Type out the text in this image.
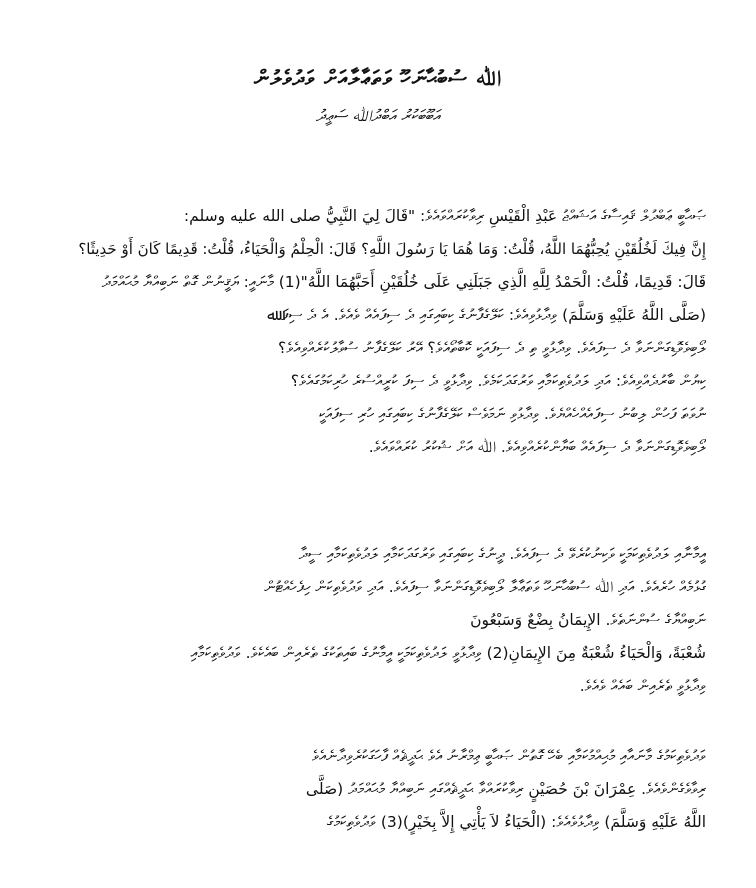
ﷲ ސުބުޙާނަހޫ ވަތަޢާލާއަށް ވަދުވެލުން
އަބޫބަކުރު އަބްދުﷲ ސަޢީދު
ޞަޙާބީ ޢަބްދުލް ޤައިސާގެ އަޝައްޖު عَبْدِ الْقَيْسِ ރިވާކުރައްވައެވެ: "قَالَ لِيَ النَّبِيُّ صلى الله عليه وسلم:
إِنَّ فِيكَ لَخُلُقَيْنِ يُحِبُّهُمَا اللَّهُ، قُلْتُ: وَمَا هُمَا يَا رَسُولَ اللَّهِ؟ قَالَ: الْحِلْمُ وَالْحَيَاءُ، قُلْتُ: قَدِيمًا كَانَ أَوْ حَدِيثًا؟
قَالَ: قَدِيمًا، قُلْتُ: الْحَمْدُ لِلَّهِ الَّذِي جَبَلَنِي عَلَى خُلُقَيْنِ أَحَبَّهُمَا اللَّهُ"(1) މާނައީ: ޔަޤީނުން ގޮތް ނަބިއްޔާ މުޙައްމަދު
(صَلَّى اللَّهُ عَلَيْهِ وَسَلَّمَ) ވިދާޅުވިއެވެ: ކަލޭގެފާނުގެ ކިބައިގައި ދެ ސިފައެއް ވެއެވެ. އެ ދެ ސިފަ ﷲ
ލޯބިވެވޮޑިގަންނަވާ ދެ ސިފައެވެ. ވިދާޅުވީ ތި ދެ ސިފައަކީ ކޮބާތޯއެވެ؟ އޭރު ކަލޭގެފާނު ސުވާލުކުރެއްވިއެވެ؟
ކިޔުން ބާރުދެއްވިއެވެ: އަދި ލަދުވެތިކަމާއި ވަރުގަދަކަމެވެ. ވިދާޅުވީ ދެ ސިފަ ކުރީއްސުރެ ހުރިކަމުގައެވެ؟
ނުވަތަ ފަހުން ލިބުނު ސިފައެއްހެއްޔެވެ. ވިދާޅުވި ނަމަވެސް ކަލޭގެފާނުގެ ކިބައިގައި ހުރި ސިފައަކީ
ލޯބިވެވޮޑިގަންނަވާ ދެ ސިފައެއް ބަޔާންކުރެއްވިއެވެ. ﷲ އަށް ޝުކުރު ކުރައްވައެވެ.
އީމާނާއި ލަދުވެތިކަމަކީ ވަކިނުކުރެވޭ ދެ ސިފައެވެ. ދީނުގެ ކިބައިގައި ވަރުގަދަކަމާއި ލަދުވެތިކަމާއި ސީދާ
ގުޅުމެއް ހުރެއެވެ. އަދި ﷲ ސުބުޙާނަހޫ ވަތަޢާލާ ލޯބިވެވޮޑިގަންނަވާ ސިފައެވެ. އަދި ވަދުވެތިކަން ހިފެހެއްޓުން
ނަބިއްޔާގެ ސުންނަތެވެ. الإِيمَانُ بِضْعٌ وَسَبْعُونَ
شُعْبَةً، وَالْحَيَاءُ شُعْبَةٌ مِنَ الإِيمَانِ(2) ވިދާޅުވީ ލަދުވެތިކަމަކީ އީމާނުގެ ބައިތަކުގެ ތެރެއިން ބައެކެވެ. ވަދުވެތިކަމާއި
ވިދާޅުވީ ތެރެއިން ބައެއް ވެއެވެ.
ވަދުވެތިކަމުގެ މާނައާއި މުޙިއްމުކަމާއި ބެހޭ ގޮތުން ޞަޙާބީ ޢިމްރާނު އެވެ ޙަދީޘެއް ފާހަގަކުރެވިދާނެއެވެ
ރިވާވެގެންވެއެވެ. عِمْرَانَ بْنَ حُصَيْنٍ ރިވާކުރައްވާ ޙަދީޘެއްގައި ނަބިއްޔާ މުޙައްމަދު (صَلَّى
اللَّهُ عَلَيْهِ وَسَلَّمَ) ވިދާޅުވެއެވެ: (الْحَيَاءُ لاَ يَأْتِي إِلاَّ بِخَيْرٍ)(3) ވަދުވެތިކަމުގެ
